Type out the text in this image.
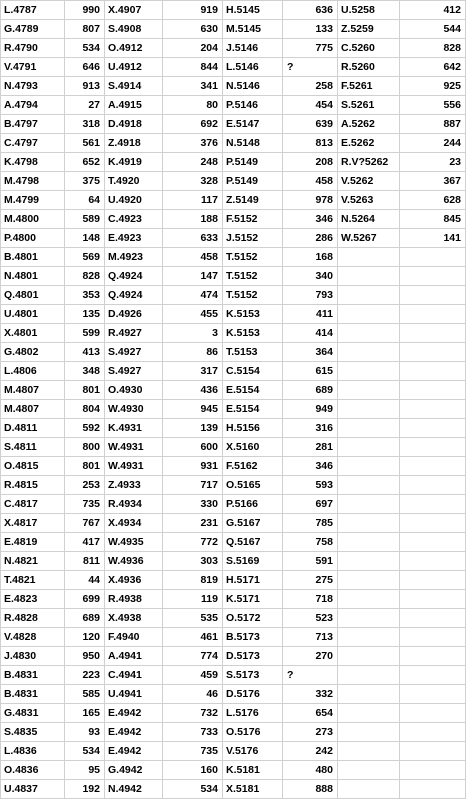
L.4787	990	X.4907	919	H.5145	636	U.5258	412
G.4789	807	S.4908	630	M.5145	133	Z.5259	544
R.4790	534	O.4912	204	J.5146	775	C.5260	828
V.4791	646	U.4912	844	L.5146	?	R.5260	642
N.4793	913	S.4914	341	N.5146	258	F.5261	925
A.4794	27	A.4915	80	P.5146	454	S.5261	556
B.4797	318	D.4918	692	E.5147	639	A.5262	887
C.4797	561	Z.4918	376	N.5148	813	E.5262	244
K.4798	652	K.4919	248	P.5149	208	R.V?5262	23
M.4798	375	T.4920	328	P.5149	458	V.5262	367
M.4799	64	U.4920	117	Z.5149	978	V.5263	628
M.4800	589	C.4923	188	F.5152	346	N.5264	845
P.4800	148	E.4923	633	J.5152	286	W.5267	141
B.4801	569	M.4923	458	T.5152	168		
N.4801	828	Q.4924	147	T.5152	340		
Q.4801	353	Q.4924	474	T.5152	793		
U.4801	135	D.4926	455	K.5153	411		
X.4801	599	R.4927	3	K.5153	414		
G.4802	413	S.4927	86	T.5153	364		
L.4806	348	S.4927	317	C.5154	615		
M.4807	801	O.4930	436	E.5154	689		
M.4807	804	W.4930	945	E.5154	949		
D.4811	592	K.4931	139	H.5156	316		
S.4811	800	W.4931	600	X.5160	281		
O.4815	801	W.4931	931	F.5162	346		
R.4815	253	Z.4933	717	O.5165	593		
C.4817	735	R.4934	330	P.5166	697		
X.4817	767	X.4934	231	G.5167	785		
E.4819	417	W.4935	772	Q.5167	758		
N.4821	811	W.4936	303	S.5169	591		
T.4821	44	X.4936	819	H.5171	275		
E.4823	699	R.4938	119	K.5171	718		
R.4828	689	X.4938	535	O.5172	523		
V.4828	120	F.4940	461	B.5173	713		
J.4830	950	A.4941	774	D.5173	270		
B.4831	223	C.4941	459	S.5173	?		
B.4831	585	U.4941	46	D.5176	332		
G.4831	165	E.4942	732	L.5176	654		
S.4835	93	E.4942	733	O.5176	273		
L.4836	534	E.4942	735	V.5176	242		
O.4836	95	G.4942	160	K.5181	480		
U.4837	192	N.4942	534	X.5181	888		
